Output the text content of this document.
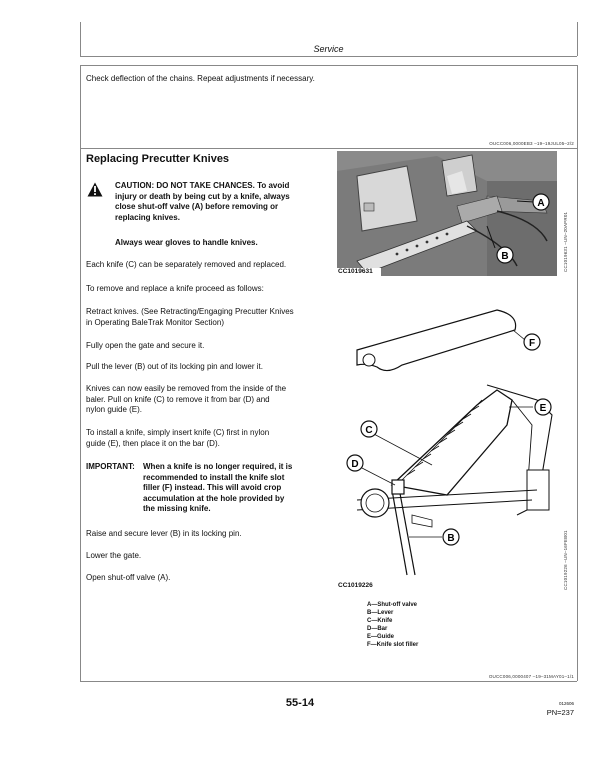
Service
Check deflection of the chains. Repeat adjustments if necessary.
OUCC006,0000EB3 –19–19JUL05–2/2
Replacing Precutter Knives
CAUTION: DO NOT TAKE CHANCES. To avoid
injury or death by being cut by a knife, always
close shut-off valve (A) before removing or
replacing knives.
Always wear gloves to handle knives.
Each knife (C) can be separately removed and replaced.
To remove and replace a knife proceed as follows:
Retract knives. (See Retracting/Engaging Precutter Knives
in Operating BaleTrak Monitor Section)
Fully open the gate and secure it.
Pull the lever (B) out of its locking pin and lower it.
Knives can now easily be removed from the inside of the
baler. Pull on knife (C) to remove it from bar (D) and
nylon guide (E).
To install a knife, simply insert knife (C) first in nylon
guide (E), then place it on the bar (D).
IMPORTANT: When a knife is no longer required, it is
recommended to install the knife slot
filler (F) instead. This will avoid crop
accumulation at the hole provided by
the missing knife.
Raise and secure lever (B) in its locking pin.
Lower the gate.
Open shut-off valve (A).
A
B
CC1019631	CC1019631 –UN–20APR01
F
E
C
D
B
CC1019226	CC1019226 –UN–16FEB01
A—Shut-off valve
B—Lever
C—Knife
D—Bar
E—Guide
F—Knife slot filler
OUCC006,0000407 –19–31MAY01–1/1
55-14	012606
PN=237
